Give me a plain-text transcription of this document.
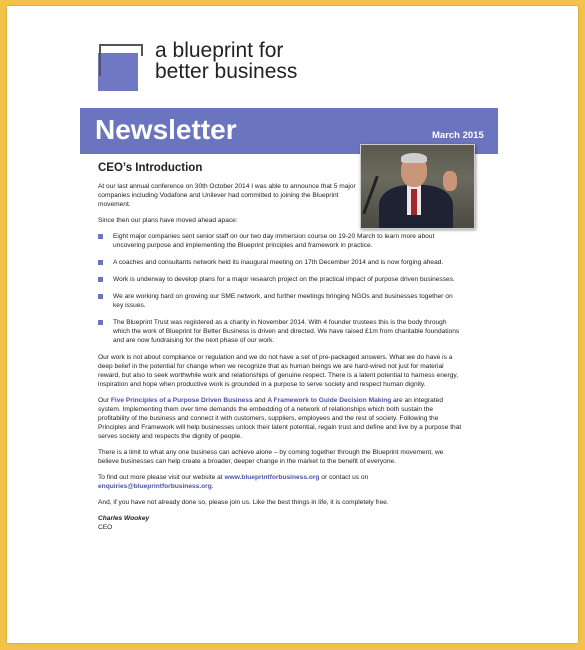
a blueprint for
better business
Newsletter	March 2015
CEO’s Introduction

At our last annual conference on 30th October 2014 I was able to announce that 5 major companies including Vodafone and Unilever had committed to joining the Blueprint movement.

Since then our plans have moved ahead apace:

Eight major companies sent senior staff on our two day immersion course on 19-20 March to learn more about uncovering purpose and implementing the Blueprint principles and framework in practice.
A coaches and consultants network held its inaugural meeting on 17th December 2014 and is now forging ahead.
Work is underway to develop plans for a major research project on the practical impact of purpose driven businesses.
We are working hard on growing our SME network, and further meetings bringing NGOs and businesses together on key issues.
The Blueprint Trust was registered as a charity in November 2014. With 4 founder trustees this is the body through which the work of Blueprint for Better Business is driven and directed. We have raised £1m from charitable foundations and are now fundraising for the next phase of our work.

Our work is not about compliance or regulation and we do not have a set of pre-packaged answers. What we do have is a deep belief in the potential for change when we recognize that as human beings we are hard-wired not just for material reward, but also to seek worthwhile work and relationships of genuine respect. There is a latent potential to harness energy, inspiration and hope when productive work is grounded in a purpose to serve society and respect human dignity.

Our Five Principles of a Purpose Driven Business and A Framework to Guide Decision Making are an integrated system. Implementing them over time demands the embedding of a network of relationships which both sustain the profitability of the business and connect it with customers, suppliers, employees and the rest of society. Following the Principles and Framework will help businesses unlock their latent potential, regain trust and define and live by a purpose that serves society and respects the dignity of people.

There is a limit to what any one business can achieve alone – by coming together through the Blueprint movement, we believe businesses can help create a broader, deeper change in the market to the benefit of everyone.

To find out more please visit our website at www.blueprintforbusiness.org or contact us on enquiries@blueprintforbusiness.org.

And, if you have not already done so, please join us. Like the best things in life, it is completely free.

Charles Wookey
CEO
